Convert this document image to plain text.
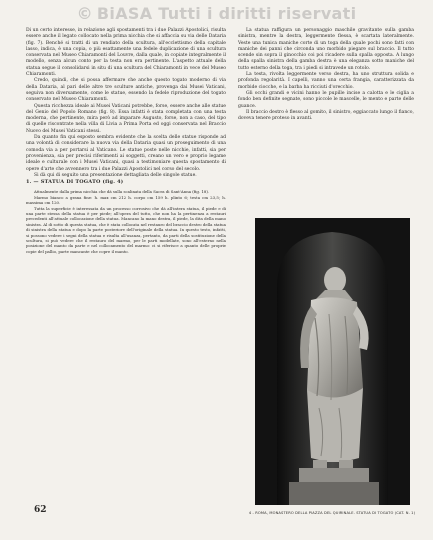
© BiASA Tutti i diritti riservati

Di un certo interesse, in relazione agli spostamenti tra i due Palazzi Apostolici, risulta essere anche il legato collocato nella prima nicchia che si affaccia su via delle Dataria (fig. 7). Benché si tratti di un rendiato della scultura, all'ecclettismo della capitale lasso, indica, è una copia, o più esattamente una fedele duplicazione di una scultura conservata nel Museo Chiaramonti del Louvre, dalla quale, in copiate integralmente il modello, senza alcun conto per la testa non era pertinente. L'aspetto attuale della statua segue il consolidarsi in situ di una scultura del Chiaramonti in vece del Museo Chiaramonti.

Credo, quindi, che si possa affermare che anche questo togato moderno di via della Dataria, al pari delle altre tre sculture antiche, provenga dai Musei Vaticani, seguiva non diversamente, come le statue, essendo la fedele riproduzione del togato conservato nel Museo Chiaramonti.

Questa ricchezza ideale ai Musei Vaticani potrebbe, forse, essere anche alle statue del Genio del Popolo Romano (fig. 8). Essa infatti è stata completata con una testa moderna, che pertinente, mira però ad imparare Augusto, forse, non a caso, del tipo di quelle riscontrate nella villa di Livia a Prima Porta ed oggi conservata nel Braccio Nuovo dei Musei Vaticani stessi.

Da quanto fin qui esposto sembra evidente che la scelta delle statue risponde ad una volontà di considerare la nuova via della Dataria quasi un proseguimento di una comoda via a per portarsi al Vaticano. Le statue poste nelle nicchie, infatti, sia per provenienza, sia per precisi riferimenti ai soggetti, creano un vero e proprio legame ideale e culturale con i Musei Vaticani, quasi a testimoniare questa spostamento di opere d'arte che avvennero tra i due Palazzi Apostolici nel corso del secolo.

Si dà qui di seguito una presentazione dettagliata delle singole statue.

1. — STATUA DI TOGATO (fig. 4)

Attualmente dalla prima nicchia che dà sulla scalinata della Sacra di Sant'Anna (fig. 18).

Marmo bianco a grana fine: h. max cm 212 h. corpo cm 159 h. plinto 6; testa cm 23,5; h. massima cm 120.

Tutta la superficie è interessata da un processo corrosivo che dà all'intera statua, il piede e di una parte stessa della statua è per piede; all'opera del tutto, che non ha la pertinenza a restauri precedenti all'attuale collocazione della statua. Mancano la mano destra, il piede, la dita della mano sinistra. Al di sotto di questa statua, che è stata collocata nel restauro del braccio destro della statua di sinistra della statua e dopo la parte posteriore dell'originale della statua. In questo testo, infatti, si possono vedere i segni della statua e risulta all'usanza, pertanto, da parti della sostituzione della scultura, si può vedere che il restauro del marmo, per le parti modellate, sono all'esterno nella posizione del manto da parte e nel collocamento del marmo: ci si riferisce a quanto delle proprie copie del pallio, parte mancante che copre il manto.

La statua raffigura un personaggio maschile gravitante sulla gamba sinistra, mentre la destra, leggermente flessa, è scartata lateralmente. Veste una tunica maniche corte di un toga della quale pochi sono fatti con maniche dei panni che circonda uno morbido piegare sul braccio. Il tutto scende sin sopra il ginocchio coi poi ricadere sulla spalla opposta. A lungo della spalla sinistra della gamba destra è una eleganza sotto maniche del tutto esterno della toga, tra i piedi si intravede un rotolo.

La testa, rivolta leggermente verso destra, ha uno struttura solida e profonda regolarità. I capelli, vanno una certa frangia, caratterizzata da morbide ciocche, e la barba ha ricciuti d'orecchio.

Gli occhi grandi e vicini hanno le pupille incise a calotta e le ciglia a fondo ben definite segnate, sono piccole le mascelle, le mento e parte delle guance.

Il braccio destro è flesso al gomito, il sinistro, eggiaccato lungo il fianco, doveva tenere proteso in avanti.

4 - ROMA, MONASTERO DELLA PIAZZA DEL QUIRINALE. STATUA DI TOGATO (CAT. N. 1)
62
